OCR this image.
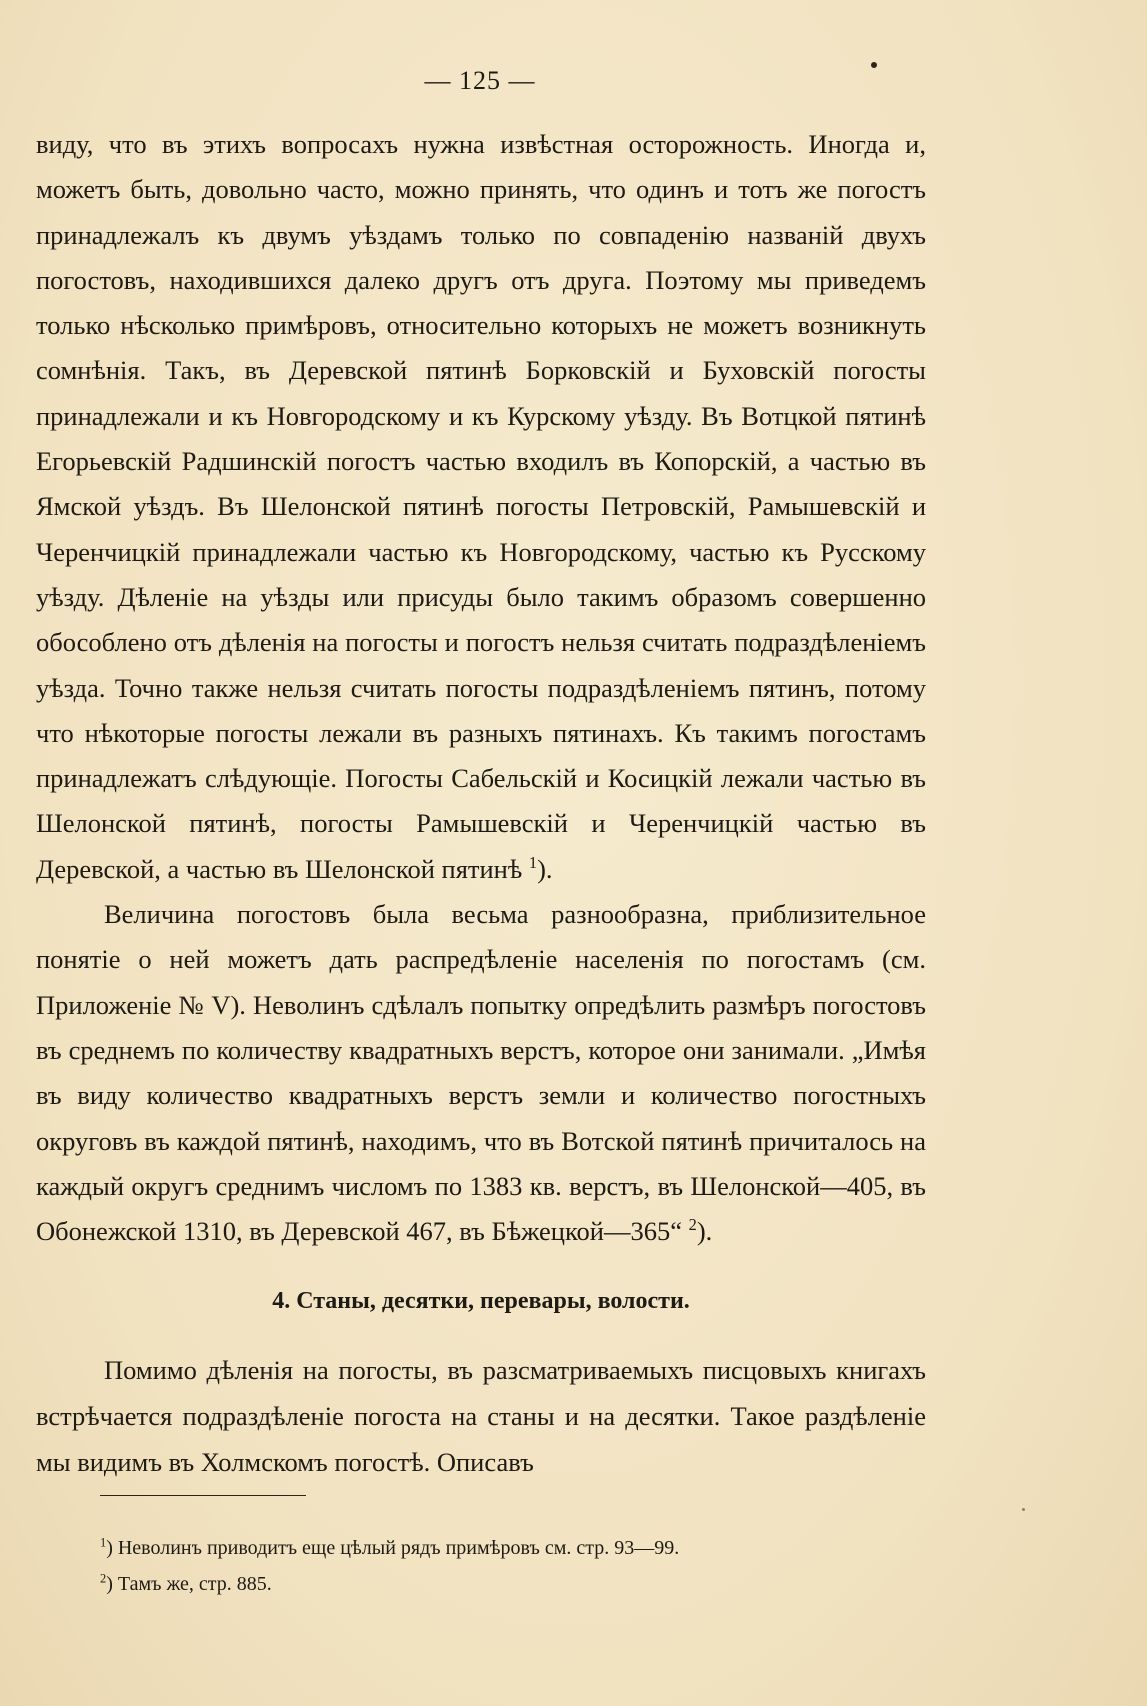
— 125 —

виду, что въ этихъ вопросахъ нужна извѣстная осторожность. Иногда и, можетъ быть, довольно часто, можно принять, что одинъ и тотъ же погостъ принадлежалъ къ двумъ уѣздамъ только по совпаденію названій двухъ погостовъ, находившихся далеко другъ отъ друга. Поэтому мы приведемъ только нѣсколько примѣровъ, относительно которыхъ не можетъ возникнуть сомнѣнія. Такъ, въ Деревской пятинѣ Борковскій и Буховскій погосты принадлежали и къ Новгородскому и къ Курскому уѣзду. Въ Вотцкой пятинѣ Егорьевскій Радшинскій погостъ частью входилъ въ Копорскій, а частью въ Ямской уѣздъ. Въ Шелонской пятинѣ погосты Петровскій, Рамышевскій и Черенчицкій принадлежали частью къ Новгородскому, частью къ Русскому уѣзду. Дѣленіе на уѣзды или присуды было такимъ образомъ совершенно обособлено отъ дѣленія на погосты и погостъ нельзя считать подраздѣленіемъ уѣзда. Точно также нельзя считать погосты подраздѣленіемъ пятинъ, потому что нѣкоторые погосты лежали въ разныхъ пятинахъ. Къ такимъ погостамъ принадлежатъ слѣдующіе. Погосты Сабельскій и Косицкій лежали частью въ Шелонской пятинѣ, погосты Рамышевскій и Черенчицкій частью въ Деревской, а частью въ Шелонской пятинѣ $^1$).

Величина погостовъ была весьма разнообразна, приблизительное понятіе о ней можетъ дать распредѣленіе населенія по погостамъ (см. Приложеніе № V). Неволинъ сдѣлалъ попытку опредѣлить размѣръ погостовъ въ среднемъ по количеству квадратныхъ верстъ, которое они занимали. „Имѣя въ виду количество квадратныхъ верстъ земли и количество погостныхъ округовъ въ каждой пятинѣ, находимъ, что въ Вотской пятинѣ причиталось на каждый округъ среднимъ числомъ по 1383 кв. верстъ, въ Шелонской—405, въ Обонежской 1310, въ Деревской 467, въ Бѣжецкой—365“ $^2$).

4. Станы, десятки, перевары, волости.

Помимо дѣленія на погосты, въ разсматриваемыхъ писцовыхъ книгахъ встрѣчается подраздѣленіе погоста на станы и на десятки. Такое раздѣленіе мы видимъ въ Холмскомъ погостѣ. Описавъ

$^1$) Неволинъ приводитъ еще цѣлый рядъ примѣровъ см. стр. 93—99.
$^2$) Тамъ же, стр. 885.
